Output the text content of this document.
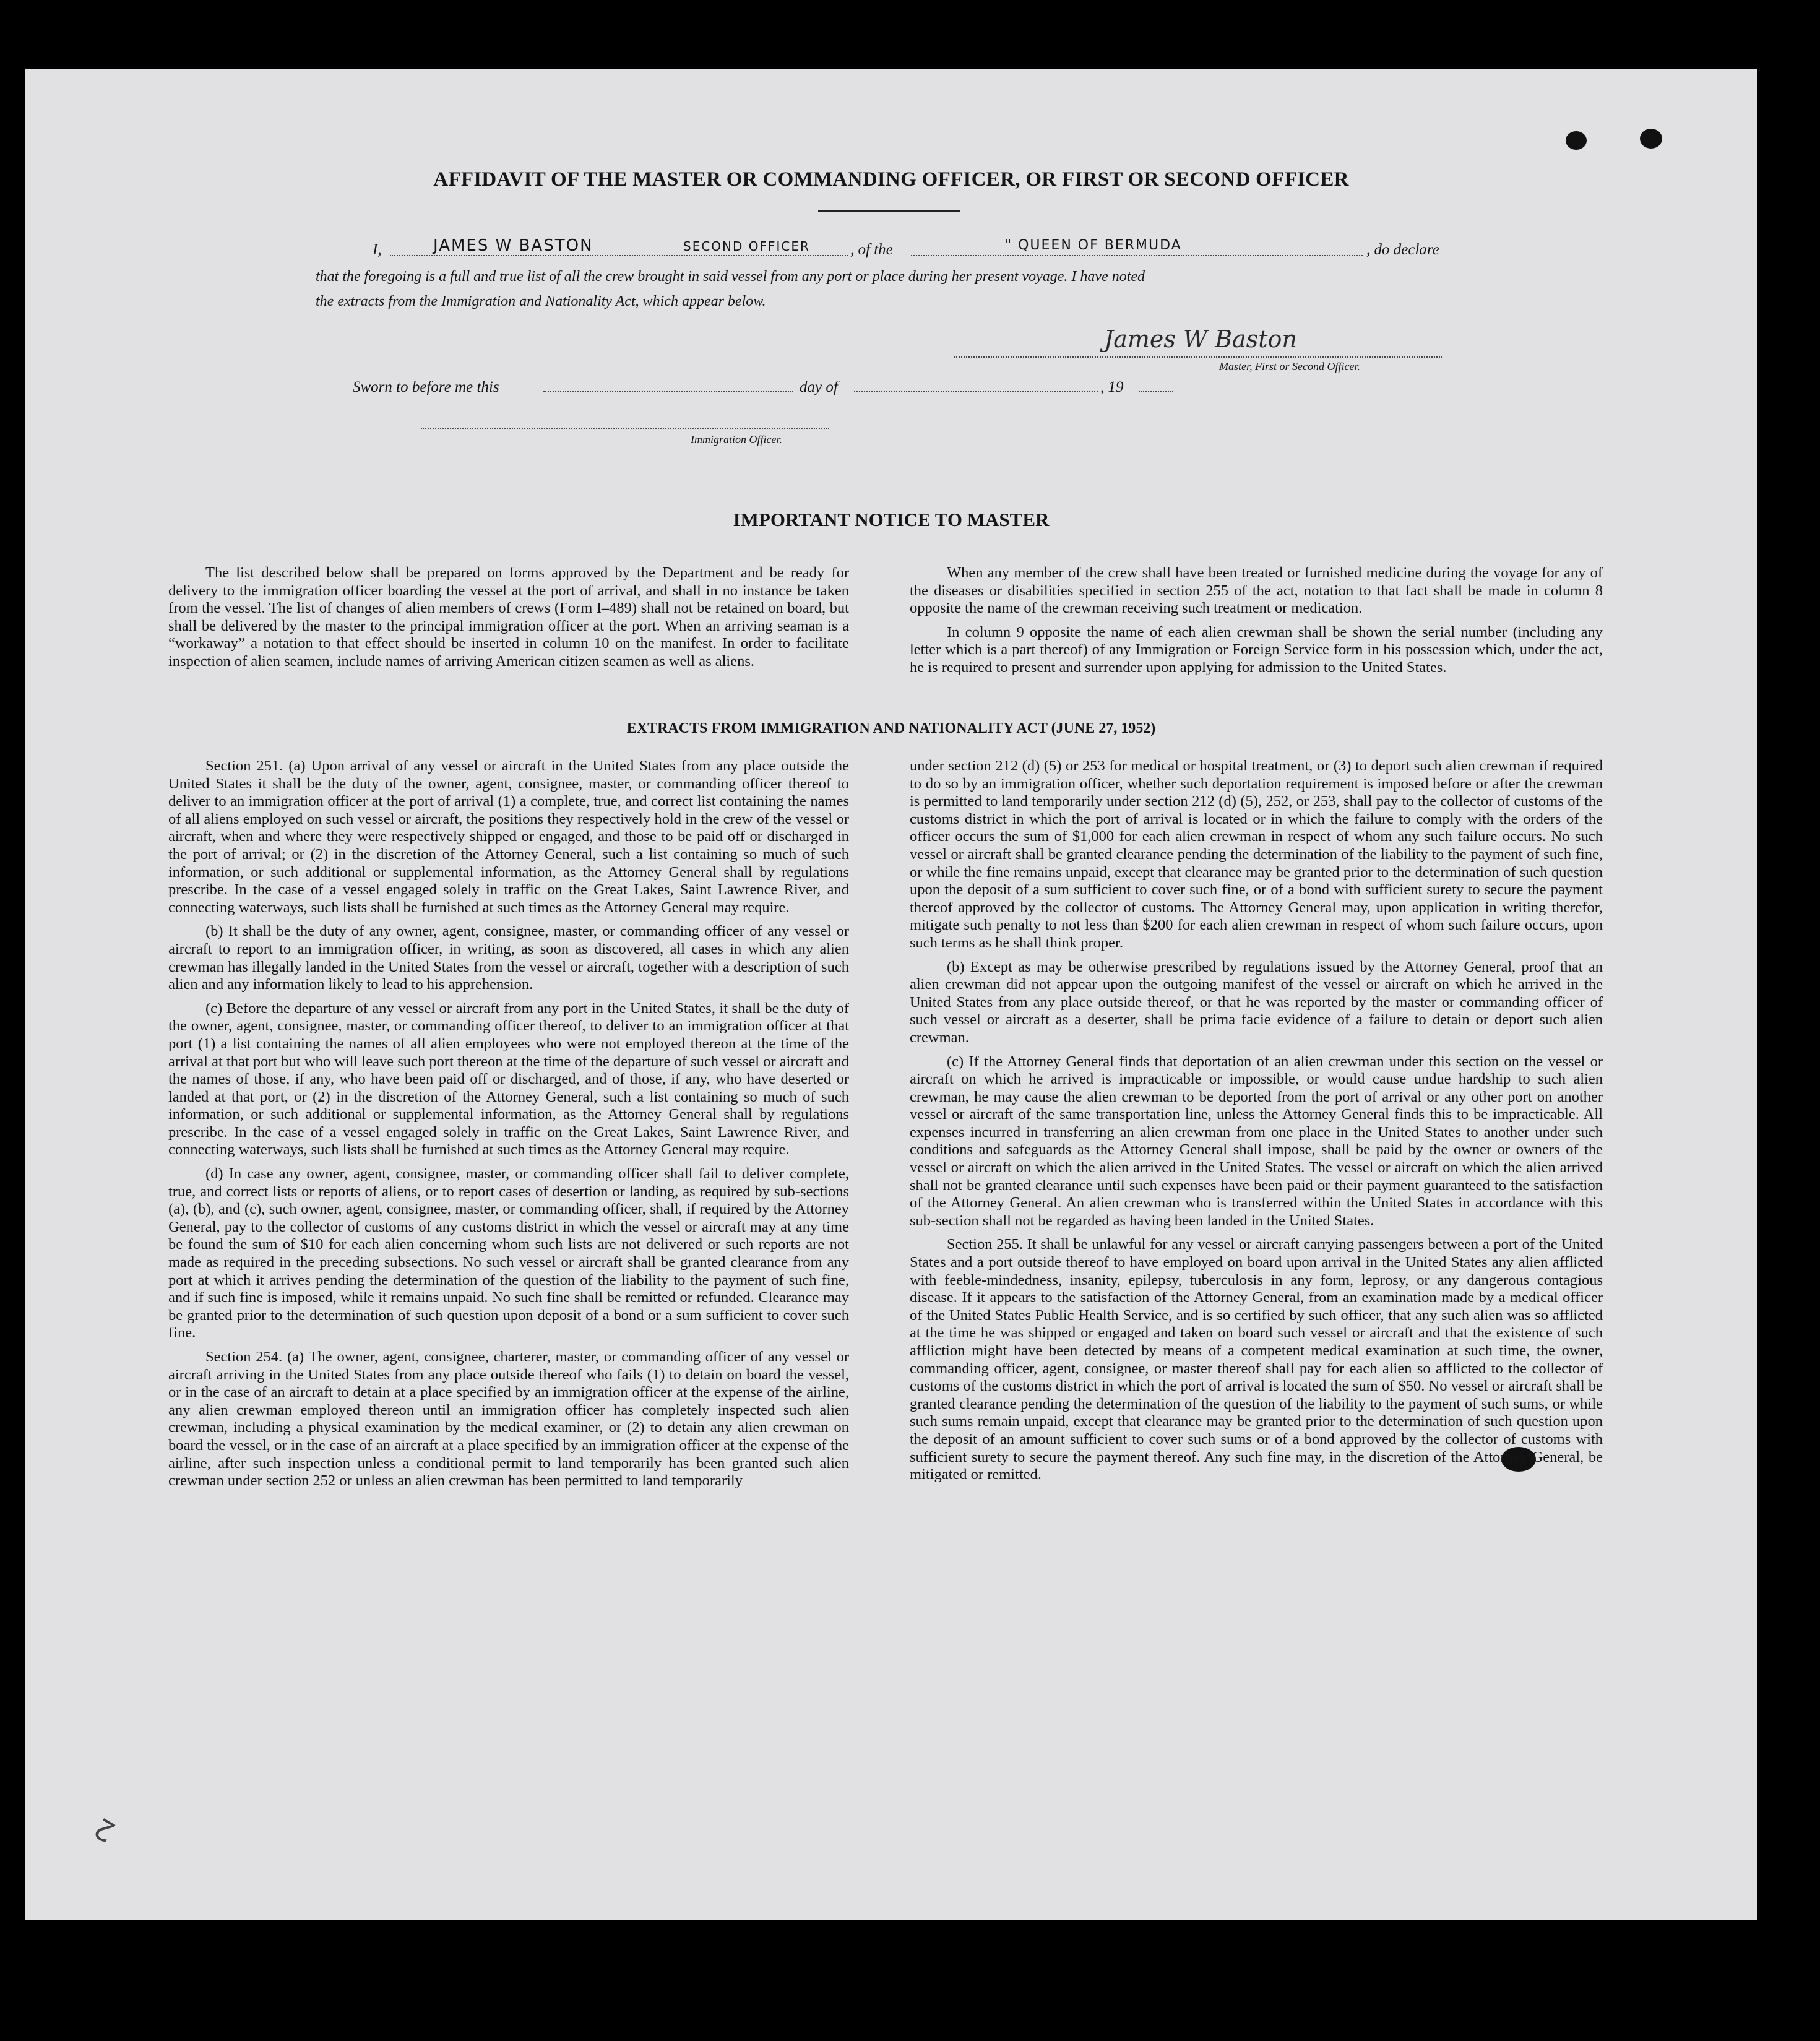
AFFIDAVIT OF THE MASTER OR COMMANDING OFFICER, OR FIRST OR SECOND OFFICER
I,	JAMES W BASTON	SECOND OFFICER	, of the	" QUEEN OF BERMUDA	, do declare
that the foregoing is a full and true list of all the crew brought in said vessel from any port or place during her present voyage. I have noted
the extracts from the Immigration and Nationality Act, which appear below.
James W Baston
Master, First or Second Officer.
Sworn to before me this	day of	, 19
Immigration Officer.
IMPORTANT NOTICE TO MASTER

The list described below shall be prepared on forms approved by the Department and be ready for delivery to the immigration officer boarding the vessel at the port of arrival, and shall in no instance be taken from the vessel. The list of changes of alien members of crews (Form I–489) shall not be retained on board, but shall be delivered by the master to the principal immigration officer at the port. When an arriving seaman is a “workaway” a notation to that effect should be inserted in column 10 on the manifest. In order to facilitate inspection of alien seamen, include names of arriving American citizen seamen as well as aliens.

When any member of the crew shall have been treated or furnished medicine during the voyage for any of the diseases or disabilities specified in section 255 of the act, notation to that fact shall be made in column 8 opposite the name of the crewman receiving such treatment or medication.

In column 9 opposite the name of each alien crewman shall be shown the serial number (including any letter which is a part thereof) of any Immigration or Foreign Service form in his possession which, under the act, he is required to present and surrender upon applying for admission to the United States.

EXTRACTS FROM IMMIGRATION AND NATIONALITY ACT (JUNE 27, 1952)

Section 251. (a) Upon arrival of any vessel or aircraft in the United States from any place outside the United States it shall be the duty of the owner, agent, consignee, master, or commanding officer thereof to deliver to an immigration officer at the port of arrival (1) a complete, true, and correct list containing the names of all aliens employed on such vessel or aircraft, the positions they respectively hold in the crew of the vessel or aircraft, when and where they were respectively shipped or engaged, and those to be paid off or discharged in the port of arrival; or (2) in the discretion of the Attorney General, such a list containing so much of such information, or such additional or supplemental information, as the Attorney General shall by regulations prescribe. In the case of a vessel engaged solely in traffic on the Great Lakes, Saint Lawrence River, and connecting waterways, such lists shall be furnished at such times as the Attorney General may require.

(b) It shall be the duty of any owner, agent, consignee, master, or commanding officer of any vessel or aircraft to report to an immigration officer, in writing, as soon as discovered, all cases in which any alien crewman has illegally landed in the United States from the vessel or aircraft, together with a description of such alien and any information likely to lead to his apprehension.

(c) Before the departure of any vessel or aircraft from any port in the United States, it shall be the duty of the owner, agent, consignee, master, or commanding officer thereof, to deliver to an immigration officer at that port (1) a list containing the names of all alien employees who were not employed thereon at the time of the arrival at that port but who will leave such port thereon at the time of the departure of such vessel or aircraft and the names of those, if any, who have been paid off or discharged, and of those, if any, who have deserted or landed at that port, or (2) in the discretion of the Attorney General, such a list containing so much of such information, or such additional or supplemental information, as the Attorney General shall by regulations prescribe. In the case of a vessel engaged solely in traffic on the Great Lakes, Saint Lawrence River, and connecting waterways, such lists shall be furnished at such times as the Attorney General may require.

(d) In case any owner, agent, consignee, master, or commanding officer shall fail to deliver complete, true, and correct lists or reports of aliens, or to report cases of desertion or landing, as required by sub-sections (a), (b), and (c), such owner, agent, consignee, master, or commanding officer, shall, if required by the Attorney General, pay to the collector of customs of any customs district in which the vessel or aircraft may at any time be found the sum of $10 for each alien concerning whom such lists are not delivered or such reports are not made as required in the preceding subsections. No such vessel or aircraft shall be granted clearance from any port at which it arrives pending the determination of the question of the liability to the payment of such fine, and if such fine is imposed, while it remains unpaid. No such fine shall be remitted or refunded. Clearance may be granted prior to the determination of such question upon deposit of a bond or a sum sufficient to cover such fine.

Section 254. (a) The owner, agent, consignee, charterer, master, or commanding officer of any vessel or aircraft arriving in the United States from any place outside thereof who fails (1) to detain on board the vessel, or in the case of an aircraft to detain at a place specified by an immigration officer at the expense of the airline, any alien crewman employed thereon until an immigration officer has completely inspected such alien crewman, including a physical examination by the medical examiner, or (2) to detain any alien crewman on board the vessel, or in the case of an aircraft at a place specified by an immigration officer at the expense of the airline, after such inspection unless a conditional permit to land temporarily has been granted such alien crewman under section 252 or unless an alien crewman has been permitted to land temporarily

under section 212 (d) (5) or 253 for medical or hospital treatment, or (3) to deport such alien crewman if required to do so by an immigration officer, whether such deportation requirement is imposed before or after the crewman is permitted to land temporarily under section 212 (d) (5), 252, or 253, shall pay to the collector of customs of the customs district in which the port of arrival is located or in which the failure to comply with the orders of the officer occurs the sum of $1,000 for each alien crewman in respect of whom any such failure occurs. No such vessel or aircraft shall be granted clearance pending the determination of the liability to the payment of such fine, or while the fine remains unpaid, except that clearance may be granted prior to the determination of such question upon the deposit of a sum sufficient to cover such fine, or of a bond with sufficient surety to secure the payment thereof approved by the collector of customs. The Attorney General may, upon application in writing therefor, mitigate such penalty to not less than $200 for each alien crewman in respect of whom such failure occurs, upon such terms as he shall think proper.

(b) Except as may be otherwise prescribed by regulations issued by the Attorney General, proof that an alien crewman did not appear upon the outgoing manifest of the vessel or aircraft on which he arrived in the United States from any place outside thereof, or that he was reported by the master or commanding officer of such vessel or aircraft as a deserter, shall be prima facie evidence of a failure to detain or deport such alien crewman.

(c) If the Attorney General finds that deportation of an alien crewman under this section on the vessel or aircraft on which he arrived is impracticable or impossible, or would cause undue hardship to such alien crewman, he may cause the alien crewman to be deported from the port of arrival or any other port on another vessel or aircraft of the same transportation line, unless the Attorney General finds this to be impracticable. All expenses incurred in transferring an alien crewman from one place in the United States to another under such conditions and safeguards as the Attorney General shall impose, shall be paid by the owner or owners of the vessel or aircraft on which the alien arrived in the United States. The vessel or aircraft on which the alien arrived shall not be granted clearance until such expenses have been paid or their payment guaranteed to the satisfaction of the Attorney General. An alien crewman who is transferred within the United States in accordance with this sub-section shall not be regarded as having been landed in the United States.

Section 255. It shall be unlawful for any vessel or aircraft carrying passengers between a port of the United States and a port outside thereof to have employed on board upon arrival in the United States any alien afflicted with feeble-mindedness, insanity, epilepsy, tuberculosis in any form, leprosy, or any dangerous contagious disease. If it appears to the satisfaction of the Attorney General, from an examination made by a medical officer of the United States Public Health Service, and is so certified by such officer, that any such alien was so afflicted at the time he was shipped or engaged and taken on board such vessel or aircraft and that the existence of such affliction might have been detected by means of a competent medical examination at such time, the owner, commanding officer, agent, consignee, or master thereof shall pay for each alien so afflicted to the collector of customs of the customs district in which the port of arrival is located the sum of $50. No vessel or aircraft shall be granted clearance pending the determination of the question of the liability to the payment of such sums, or while such sums remain unpaid, except that clearance may be granted prior to the determination of such question upon the deposit of an amount sufficient to cover such sums or of a bond approved by the collector of customs with sufficient surety to secure the payment thereof. Any such fine may, in the discretion of the Attorney General, be mitigated or remitted.

2
